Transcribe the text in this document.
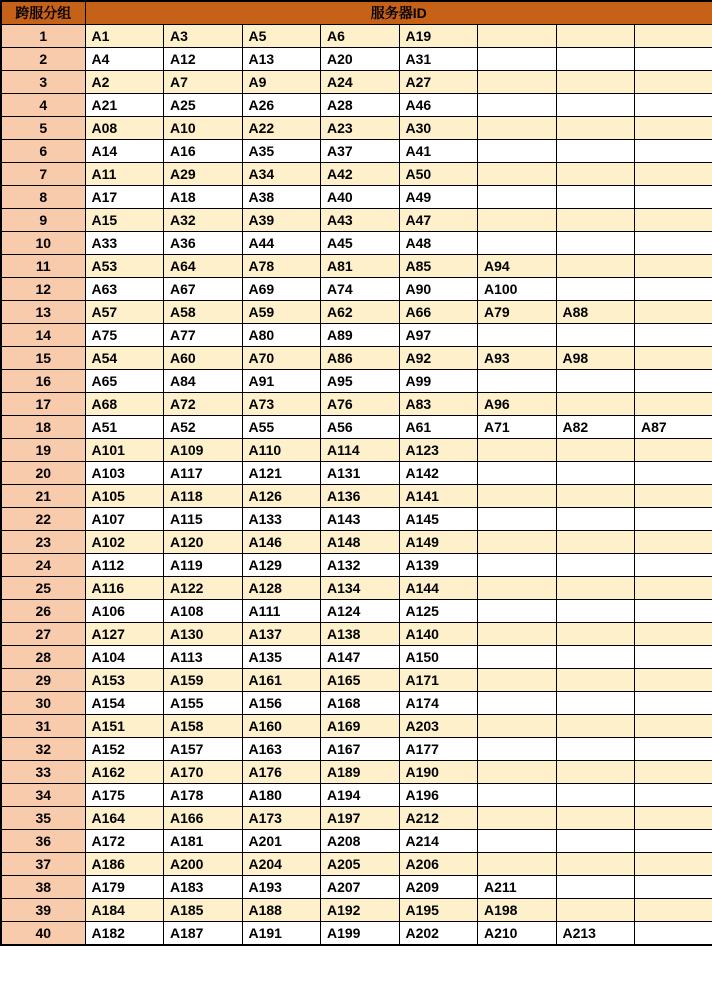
跨服分组	服务器ID							
1	A1	A3	A5	A6	A19			
2	A4	A12	A13	A20	A31			
3	A2	A7	A9	A24	A27			
4	A21	A25	A26	A28	A46			
5	A08	A10	A22	A23	A30			
6	A14	A16	A35	A37	A41			
7	A11	A29	A34	A42	A50			
8	A17	A18	A38	A40	A49			
9	A15	A32	A39	A43	A47			
10	A33	A36	A44	A45	A48			
11	A53	A64	A78	A81	A85	A94		
12	A63	A67	A69	A74	A90	A100		
13	A57	A58	A59	A62	A66	A79	A88	
14	A75	A77	A80	A89	A97			
15	A54	A60	A70	A86	A92	A93	A98	
16	A65	A84	A91	A95	A99			
17	A68	A72	A73	A76	A83	A96		
18	A51	A52	A55	A56	A61	A71	A82	A87
19	A101	A109	A110	A114	A123			
20	A103	A117	A121	A131	A142			
21	A105	A118	A126	A136	A141			
22	A107	A115	A133	A143	A145			
23	A102	A120	A146	A148	A149			
24	A112	A119	A129	A132	A139			
25	A116	A122	A128	A134	A144			
26	A106	A108	A111	A124	A125			
27	A127	A130	A137	A138	A140			
28	A104	A113	A135	A147	A150			
29	A153	A159	A161	A165	A171			
30	A154	A155	A156	A168	A174			
31	A151	A158	A160	A169	A203			
32	A152	A157	A163	A167	A177			
33	A162	A170	A176	A189	A190			
34	A175	A178	A180	A194	A196			
35	A164	A166	A173	A197	A212			
36	A172	A181	A201	A208	A214			
37	A186	A200	A204	A205	A206			
38	A179	A183	A193	A207	A209	A211		
39	A184	A185	A188	A192	A195	A198		
40	A182	A187	A191	A199	A202	A210	A213	
